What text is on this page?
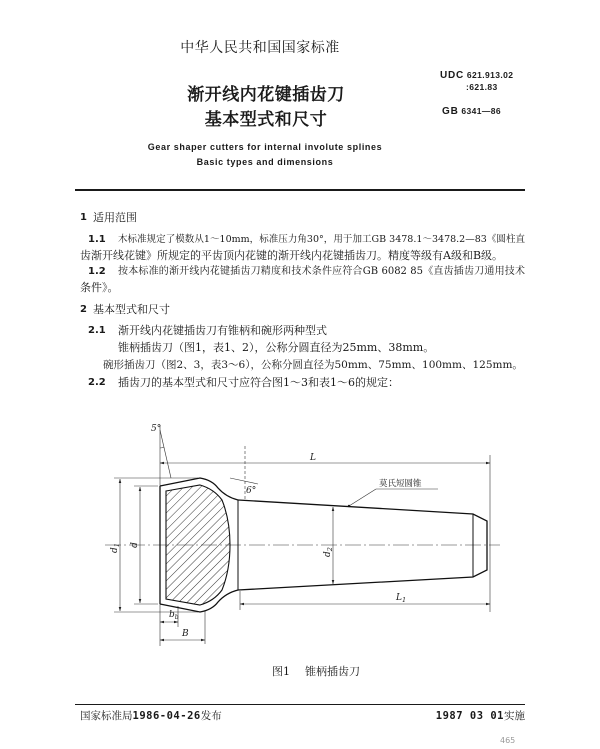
中华人民共和国国家标准
UDC 621.913.02
:621.83
GB 6341—86
渐开线内花键插齿刀
基本型式和尺寸
Gear shaper cutters for internal involute splines
Basic types and dimensions
1 适用范围
1.1 木标准规定了模数从1～10mm，标准压力角30°，用于加工GB 3478.1～3478.2—83《圆柱直
齿渐开线花键》所规定的平齿顶内花键的渐开线内花键插齿刀。精度等级有A级和B级。
1.2 按本标准的渐开线内花键插齿刀精度和技术条件应符合GB 6082 85《直齿插齿刀通用技术
条件》。
2 基本型式和尺寸
2.1 渐开线内花键插齿刀有锥柄和碗形两种型式
锥柄插齿刀（图1，表1、2），公称分圆直径为25mm、38mm。
碗形插齿刀（图2、3，表3～6），公称分圆直径为50mm、75mm、100mm、125mm。
2.2 插齿刀的基本型式和尺寸应符合图1～3和表1～6的规定：
5°
L
6°
莫氏短圆锥
$d_1$ d
$d_2$
$L_1$
$b_b$
B
图1 锥柄插齿刀
国家标准局1986-04-26发布	1987 03 01实施
465
